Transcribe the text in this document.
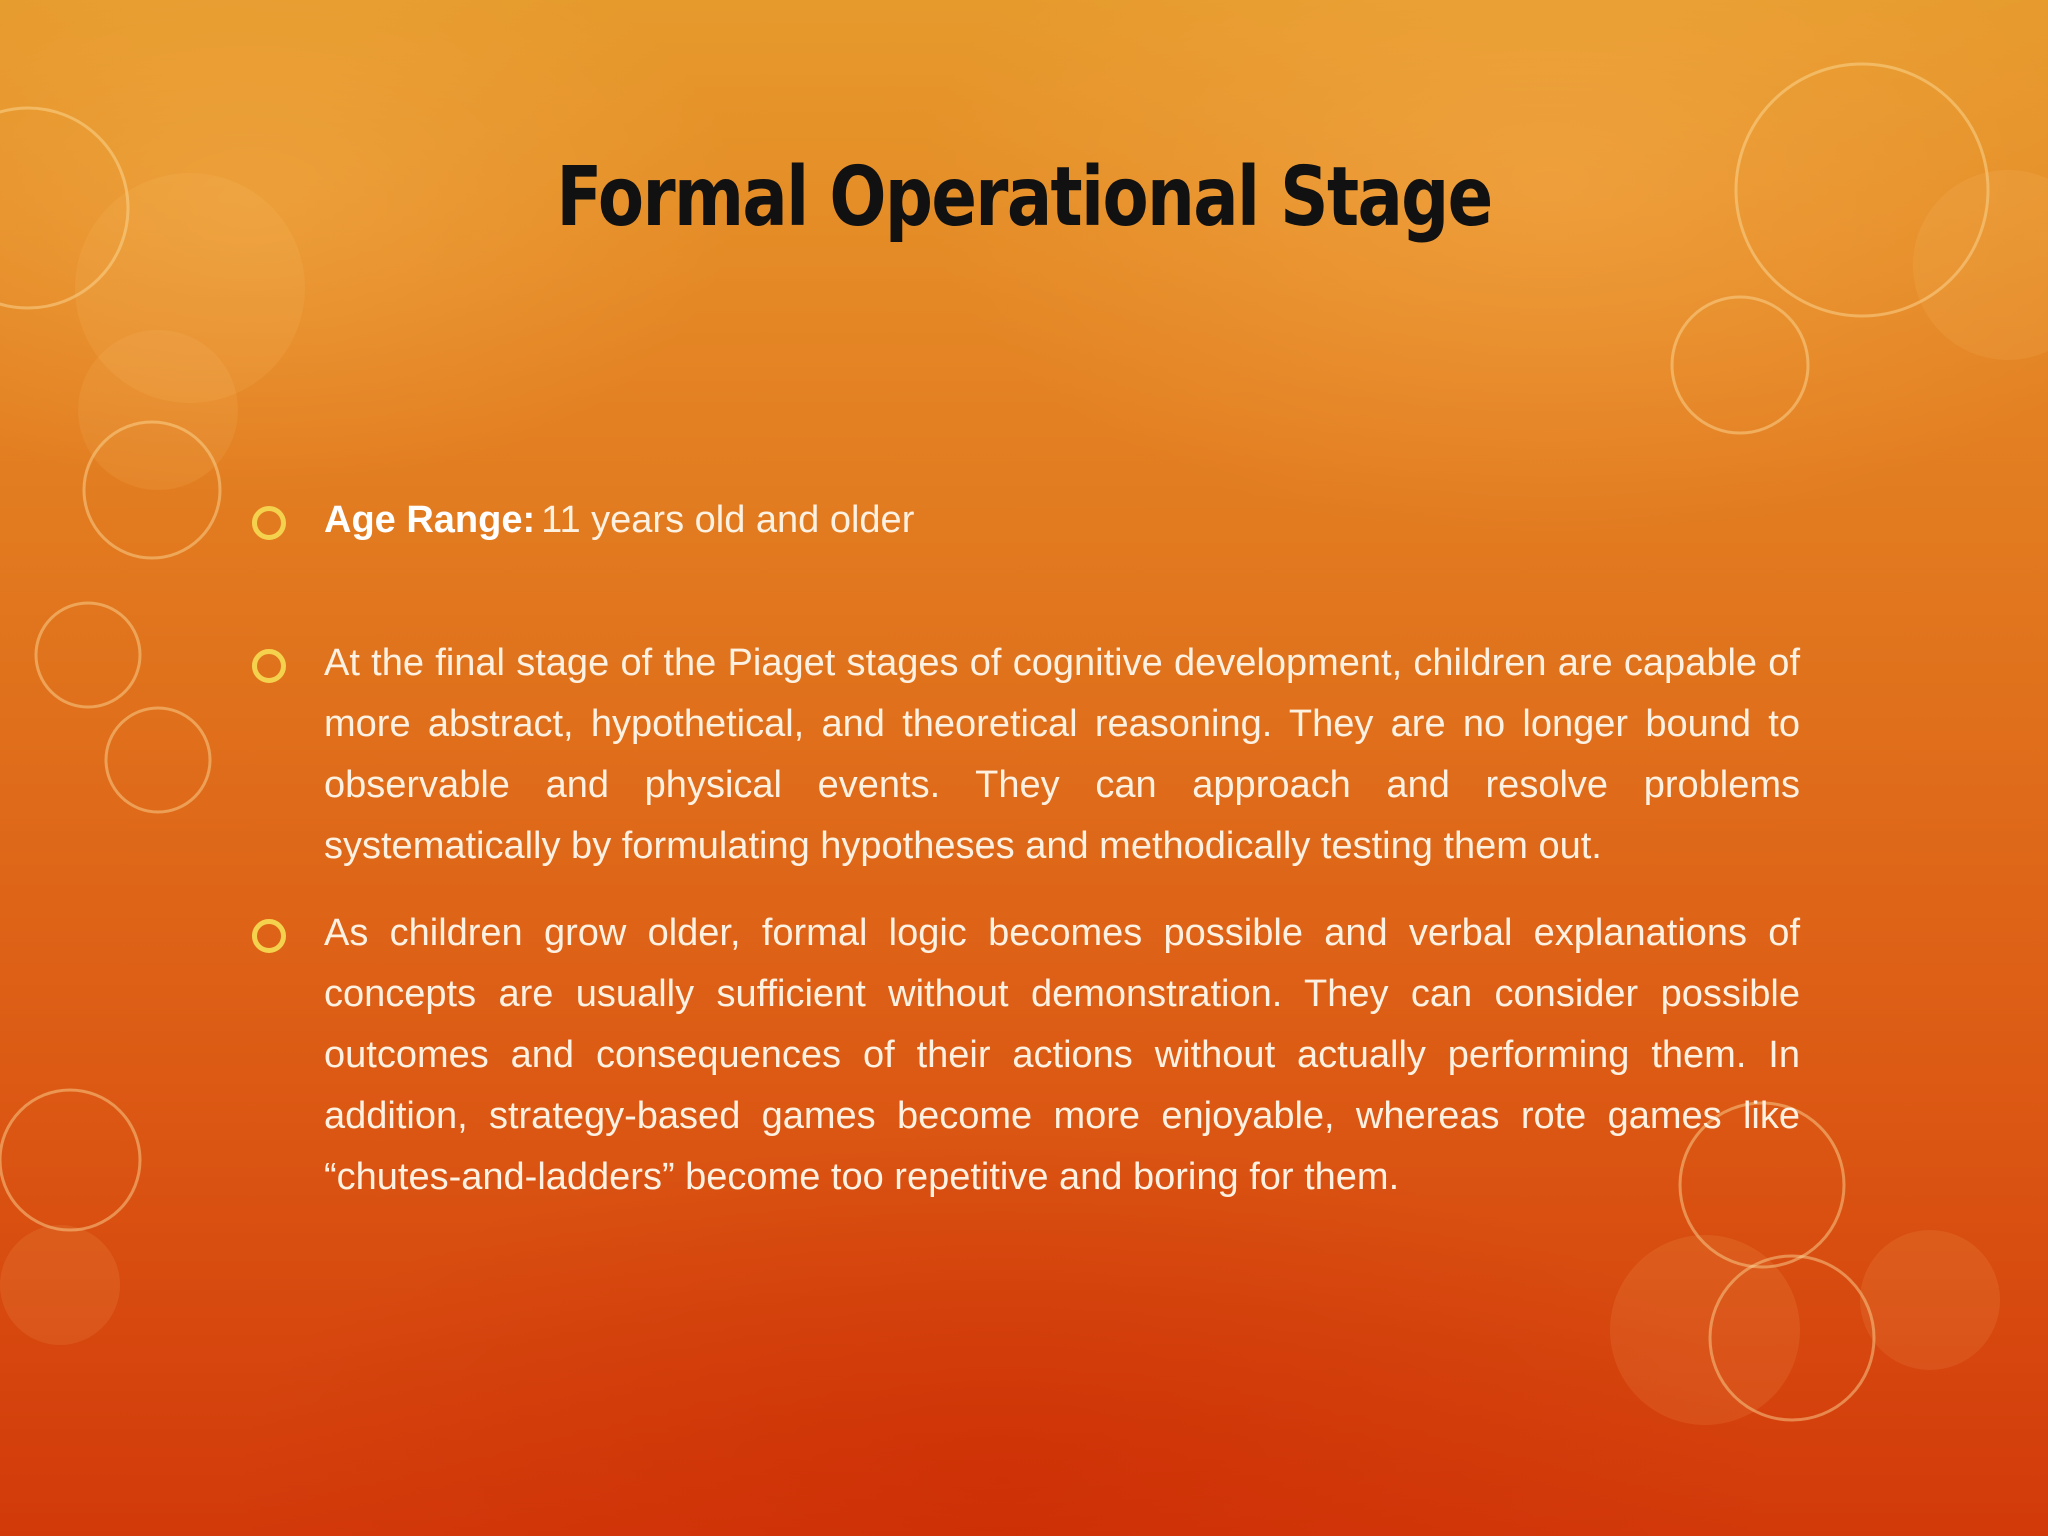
Formal Operational Stage
Age Range: 11 years old and older
At the final stage of the Piaget stages of cognitive development, children are capable of more abstract, hypothetical, and theoretical reasoning. They are no longer bound to observable and physical events. They can approach and resolve problems systematically by formulating hypotheses and methodically testing them out.
As children grow older, formal logic becomes possible and verbal explanations of concepts are usually sufficient without demonstration. They can consider possible outcomes and consequences of their actions without actually performing them. In addition, strategy-based games become more enjoyable, whereas rote games like “chutes-and-ladders” become too repetitive and boring for them.
